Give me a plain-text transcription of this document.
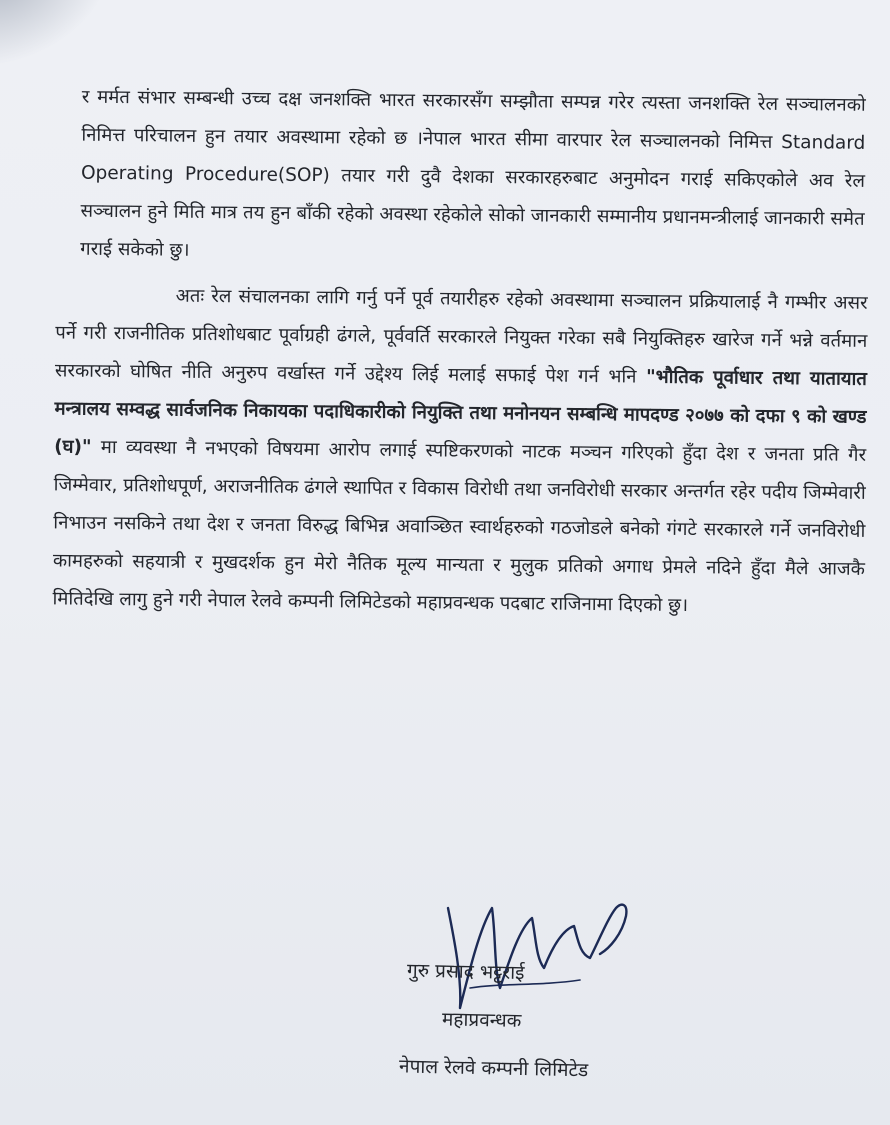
र मर्मत संभार सम्बन्धी उच्च दक्ष जनशक्ति भारत सरकारसँग सम्झौता सम्पन्न गरेर त्यस्ता जनशक्ति रेल सञ्चालनको निमित्त परिचालन हुन तयार अवस्थामा रहेको छ ।नेपाल भारत सीमा वारपार रेल सञ्चालनको निमित्त Standard Operating Procedure(SOP) तयार गरी दुवै देशका सरकारहरुबाट अनुमोदन गराई सकिएकोले अव रेल सञ्चालन हुने मिति मात्र तय हुन बाँकी रहेको अवस्था रहेकोले सोको जानकारी सम्मानीय प्रधानमन्त्रीलाई जानकारी समेत गराई सकेको छु।

अतः रेल संचालनका लागि गर्नु पर्ने पूर्व तयारीहरु रहेको अवस्थामा सञ्चालन प्रक्रियालाई नै गम्भीर असर पर्ने गरी राजनीतिक प्रतिशोधबाट पूर्वाग्रही ढंगले, पूर्ववर्ति सरकारले नियुक्त गरेका सबै नियुक्तिहरु खारेज गर्ने भन्ने वर्तमान सरकारको घोषित नीति अनुरुप वर्खास्त गर्ने उद्देश्य लिई मलाई सफाई पेश गर्न भनि "भौतिक पूर्वाधार तथा यातायात मन्त्रालय सम्वद्ध सार्वजनिक निकायका पदाधिकारीको नियुक्ति तथा मनोनयन सम्बन्धि मापदण्ड २०७७ को दफा ९ को खण्ड (घ)" मा व्यवस्था नै नभएको विषयमा आरोप लगाई स्पष्टिकरणको नाटक मञ्चन गरिएको हुँदा देश र जनता प्रति गैर जिम्मेवार, प्रतिशोधपूर्ण, अराजनीतिक ढंगले स्थापित र विकास विरोधी तथा जनविरोधी सरकार अन्तर्गत रहेर पदीय जिम्मेवारी निभाउन नसकिने तथा देश र जनता विरुद्ध बिभिन्न अवाञ्छित स्वार्थहरुको गठजोडले बनेको गंगटे सरकारले गर्ने जनविरोधी कामहरुको सहयात्री र मुखदर्शक हुन मेरो नैतिक मूल्य मान्यता र मुलुक प्रतिको अगाध प्रेमले नदिने हुँदा मैले आजकै मितिदेखि लागु हुने गरी नेपाल रेलवे कम्पनी लिमिटेडको महाप्रवन्धक पदबाट राजिनामा दिएको छु।

गुरु प्रसाद भट्टराई
महाप्रवन्धक
नेपाल रेलवे कम्पनी लिमिटेड
